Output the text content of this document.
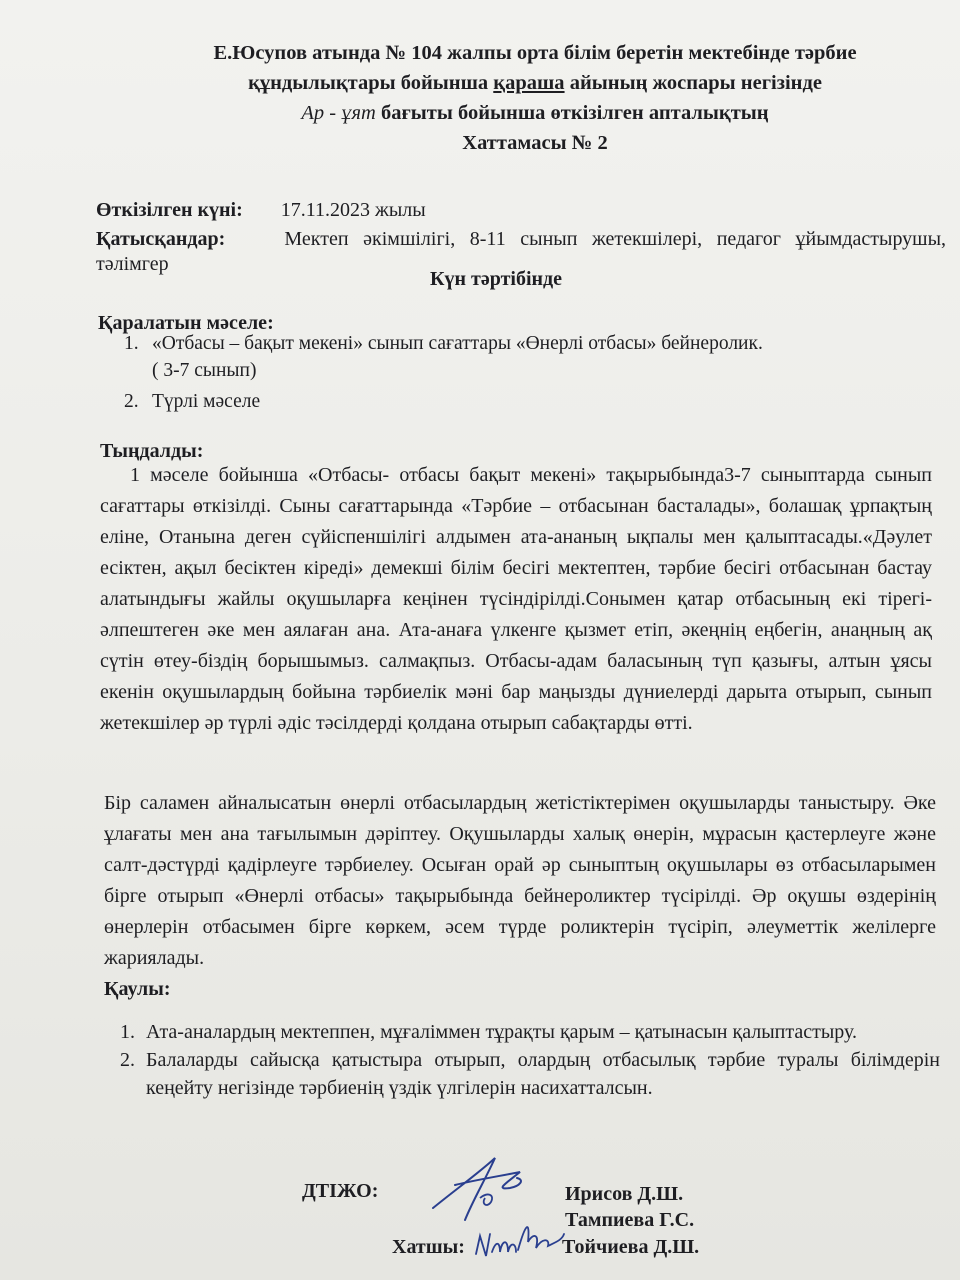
Е.Юсупов атында № 104 жалпы орта білім беретін мектебінде тәрбие
құндылықтары бойынша қараша айының жоспары негізінде
Ар - ұят бағыты бойынша өткізілген апталықтың
Хаттамасы № 2
Өткізілген күні: 17.11.2023 жылы
Қатысқандар:	Мектеп әкімшілігі, 8-11 сынып жетекшілері, педагог ұйымдастырушы, тәлімгер
Күн тәртібінде
Қаралатын мәселе:
1. «Отбасы – бақыт мекені» сынып сағаттары «Өнерлі отбасы» бейнеролик.
( 3-7 сынып)
2. Түрлі мәселе
Тыңдалды:

1 мәселе бойынша «Отбасы- отбасы бақыт мекені» тақырыбында3-7 сыныптарда сынып сағаттары өткізілді. Сыны сағаттарында «Тәрбие – отбасынан басталады», болашақ ұрпақтың еліне, Отанына деген сүйіспеншілігі алдымен ата-ананың ықпалы мен қалыптасады.«Дәулет есіктен, ақыл бесіктен кіреді» демекші білім бесігі мектептен, тәрбие бесігі отбасынан бастау алатындығы жайлы оқушыларға кеңінен түсіндірілді.Сонымен қатар отбасының екі тірегі-әлпештеген әке мен аялаған ана. Ата-анаға үлкенге қызмет етіп, әкеңнің еңбегін, анаңның ақ сүтін өтеу-біздің борышымыз. салмақпыз. Отбасы-адам баласының түп қазығы, алтын ұясы екенін оқушылардың бойына тәрбиелік мәні бар маңызды дүниелерді дарыта отырып, сынып жетекшілер әр түрлі әдіс тәсілдерді қолдана отырып сабақтарды өтті.

Бір саламен айналысатын өнерлі отбасылардың жетістіктерімен оқушыларды таныстыру. Әке ұлағаты мен ана тағылымын дәріптеу. Оқушыларды халық өнерін, мұрасын қастерлеуге және салт-дәстүрді қадірлеуге тәрбиелеу. Осыған орай әр сыныптың оқушылары өз отбасыларымен бірге отырып «Өнерлі отбасы» тақырыбында бейнероликтер түсірілді. Әр оқушы өздерінің өнерлерін отбасымен бірге көркем, әсем түрде роликтерін түсіріп, әлеуметтік желілерге жариялады.

Қаулы:
1. Ата-аналардың мектеппен, мұғаліммен тұрақты қарым – қатынасын қалыптастыру.
2. Балаларды сайысқа қатыстыра отырып, олардың отбасылық тәрбие туралы білімдерін кеңейту негізінде тәрбиенің үздік үлгілерін насихатталсын.
ДТІЖО:	Ирисов Д.Ш.
Тампиева Г.С.
Хатшы:	Тойчиева Д.Ш.
